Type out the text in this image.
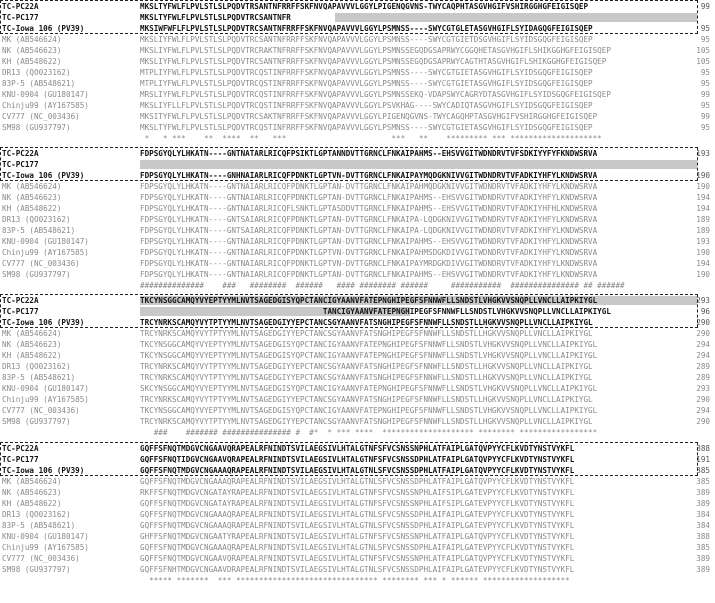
TC-PC22A	MKSLTYFWLFLPVLSTLSLPQDVTRSANTNFRRFFSKFNVQAPAVVVLGGYLPIGENQGVNS-TWYCAQPHTASGVHGIFVSHIRGGHGFEIGISQEP	99
TC-PC177	MKSLTYFWLFLPVLSTLSLPQDVTRCSANTNFR
TC-Iowa 106 (PV39)	MKSIWFWFLFLPVLSTLSLPQDVTRCSANTNFRRFFSKFNVQAPAVVVLGGYLPSMNSS----SWYCGTGLETASGVHGIFLSYIDAGQGFEIGISQEP	95
MK (AB546624)	MKSLIYFWLFLPVLSTLSLPQDVTRCSANTNFRRFFSKFNVQAPAVVVLGGYLPSMNSS----SWYCGTGIETDSGVHGIFLSYIDSGQGFEIGISQEP	95
NK (AB546623)	MKSLIYFWLFLPVLSTLSLPQDVTRCRAKTNFRRFFSKFNVQAPAVVVLGGYLPSMNSSEGQDGSAPRWYCGGQHETASGVHGIFLSHIKGGHGFEIGISQEP	105
KH (AB548622)	MKSLIYFWLFLPVLSTLSLPQDVTRCSANTNFRRFFSKFNVQAPAVVVLGGYLPSMNSSEGQDGSAPRWYCAGTHTASGVHGIFLSHIKGGHGFEIGISQEP	105
DR13 (QO023162)	MTPLIYFWLFLPVLSTLSLPQDVTRCQSTINFRRFFSKFNVQAPAVVVLGGYLPSMNSS----SWYCGTGIETASGVHGIFLSYIDSGQGFEIGISQEP	95
83P-5 (AB548621)	MTPLIYFWLFLPVLSTLSLPQDVTRCQSTINFRRFFSKFNVQAPAVVVLGGYLPSMNSS----SWYCGTGIETASGVHGIFLSYIDSGQGFEIGISQEP	95
KNU-0904 (GU180147)	MRSLIYFWLFLPVLSTLSLPQDVTRCQSTINFRRFFSKFNVQAPAVVVLGGYLPSMNSSEKQ-VDAPSWYCAGRYDTASGVHGIFLSYIDSGQGFEIGISQEP	99
Chinju99 (AY167585)	MKSLIYFLLFLPVLSTLSLPQDVTRCQSTINFRRFFSKFNVQAPAVVVLGGYLPSVKHAG----SWYCADIQTASGVHGIFLSYIDSGQGFEIGISQEP	95
CV777 (NC_003436)	MKSITYFWLFLPVLSTLSLPQDVTRCSAKTNFRRFFSKFNVQAPAVVVLGGYLPIGENQGVNS-TWYCAGQHPTASGVHGIFVSHIRGGHGFEIGISQEP	99
SM98 (GU937797)	MKSLTYFWLFLPVLSTLSLPQDVTRCQSTINFRRFFSKFNVQAPAVVVLGGYLPSMNSS----SWYCGTGIETASGVHGIFLSYIDSGQGFEIGISQEP	95
*   * ***    **  ****  **   ***                       ***   **    ********* *** ********************
TC-PC22A	FDPSGYQLYLHKATN----GNTNATARLRICQFPSIKTLGPTANNDVTTGRNCLFNKAIPAHMS--EHSVVGITWDNDRVTVFSDKIYYFYFKNDWSRVA	193
TC-PC177
TC-Iowa 106 (PV39)	FDPSGYQLYLHKATN----GNHNAIARLRICQFPDNKTLGPTVN-DVTTGRNCLFNKAIPAYMQDGKNIVVGITWDNDRVTVFADKIYHFYLKNDWSRVA	190
MK (AB546624)	FDPSGYQLYLHKATN----GNTNAIARLRICQFPDNKTLGPTAN-DVTTGRNCLFNKAIPAHMQDGKNIVVGITWDNDRVTVFADKIYHFYLKNDWSRVA	190
NK (AB546623)	FDPSGYQLYLHKATN----GNTNAIARLRICQFPDNKTLGPTAN-DVTTGRNCLFNKAIPAHMS--EHSVVGITWDNDRVTVFADKIYHFYLKNDWSRVA	194
KH (AB548622)	FDPSGYQLYLHKATN----GNTNAIARLRICQFLSNKTLGPTASDDVTTGRNCLFNKAIPAHMS--EHSVVGITWDNDRVTVFADKIYHFHLKNDWSRVA	194
DR13 (QO023162)	FDPSGYQLYLHKATN----GNTSAIARLRICQFPDNKTLGPTAN-DVTTGRNCLFNKAIPA-LQDGKNIVVGITWDNDRVTVFADKIYHFYLKNDWSRVA	189
83P-5 (AB548621)	FDPSGYQLYLHKATN----GNTSAIARLRICQFPDNKTLGPTAN-DVTTGRNCLFNKAIPA-LQDGKNIVVGITWDNDRVTVFADKIYHFYLKNDWSRVA	189
KNU-0904 (GU180147)	FDPSGYQLYLHKATN----GNTNAIARLRICQFPDNKTLGPTAN-DVTTGRNCLFNKAIPAHMS--EHSVVGITWDNDRVTVFADKIYHFYLKNDWSRVA	193
Chinju99 (AY167585)	FDPSGYQLYLHKATN----GNTNAIARLRICQFPDNKTLGPTVN-DVTTGRNCLFNKAIPAHMSDGKDIVVGITWDNDRVTVFADKIYHFYLKNDWSRVA	190
CV777 (NC_003436)	FDPSGYQLYLHKATN----GNTNAIARLRICQFPDNKTLGPTVN-DVTTGRNCLFNKAIPAYMRDGKDIVVGITWDNDRVTVFADKIYHFYLKNDWSRVA	194
SM98 (GU937797)	FDPSGYQLYLHKATN----GNTNAIARLRICQFPDNKTLGPTAN-DVTTGRNCLFNKAIPAHMS--EHSVVGITWDNDRVTVFADKIYHFYLKNDWSRVA	190
##############    ###   ########  ######   #### ######## ######     ###########  ############### ## ######
TC-PC22A	TKCYNSGGCAMQYVYEPTYYMLNVTSAGEDGISYQPCTANCIGYAANVFATEPNGHIPEGFSFNNWFLLSNDSTLVHGKVVSNQPLLVNCLLAIPKIYGL	293
TC-PC177	TANCIGYAANVFATEPNGHIPEGFSFNNWFLLSNDSTLVHGKVVSNQPLLVNCLLAIPKIYGL	96
TC-Iowa 106 (PV39)	TRCYNRKSCAMQYVYTPTYYMLNVTSAGEDGIYYEPCTANCSGYAANVFATSNGHIPEGFSFNNWFLLSNDSTLLHGKVVSNQPLLVNCLLAIPKIYGL	290
MK (AB546624)	TRCYNRKSCAMQYVYTPTYYMLNVTSAGEDGIYYEPCTANCSGYAANVFATSNGHIPEGFSFNNWFLLSNDSTLLHGKVVSNQPLLVNCLLAIPKIYGL	290
NK (AB546623)	TKCYNSGGCAMQYVYEPTYYMLNVTSAGEDGISYQPCTANCIGYAANVFATEPNGHIPEGFSFNNWFLLSNDSTLVHGKVVSNQPLLVNCLLAIPKIYGL	294
KH (AB548622)	TKCYNSGGCAMQYVYEPTYYMLNVTSAGEDGISYQPCTANCIGYAANVFATEPNGHIPEGFSFNNWFLLSNDSTLVHGKVVSNQPLLVNCLLAIPKIYGL	294
DR13 (QO023162)	TRCYNRKSCAMQYVYTPTYYMLNVTSAGEDGIYYEPCTANCSGYAANVFATSNGHIPEGFSFNNWFLLSNDSTLLHGKVVSNQPLLVNCLLAIPKIYGL	289
83P-5 (AB548621)	TRCYNRKSCAMQYVYTPTYYMLNVTSAGEDGIYYEPCTANCSGYAANVFATSNGHIPEGFSFNNWFLLSNDSTLLHGKVVSNQPLLVNCLLAIPKIYGL	289
KNU-0904 (GU180147)	SKCYNSGGCAMQYVYEPTYYMLNVTSAGEDGISYQPCTANCIGYAANVFATEPNGHIPEGFSFNNWFLLSNDSTLVHGKVVSNQPLLVNCLLAIPKIYGL	293
Chinju99 (AY167585)	TRCYNRKSCAMQYVYTPTYYMLNVTSAGEDGIYYEPCTANCSGYAANVFATSNGHIPEGFSFNNWFLLSNDSTLLHGKVVSNQPLLVNCLLAIPKIYGL	290
CV777 (NC_003436)	TKCYNSGGCAMQYVYEPTYYMLNVTSAGEDGISYQPCTANCIGYAANVFATEPNGHIPEGFSFNNWFLLSNDSTLVHGKVVSNQPLLVNCLLAIPKIYGL	294
SM98 (GU937797)	TRCYNRKSCAMQYVYTPTYYMLNVTSAGEDGIYYEPCTANCSGYAANVFATSNGHIPEGFSFNNWFLLSNDSTLLHGKVVSNQPLLVNCLLAIPKIYGL	290
###    ####### ############### #  #*  * *** ****  ******************** ******** *****************
TC-PC22A	GQFFSFNQTMDGVCNGAAVQRAPEALRFNINDTSVILAEGSIVLHTALGTNFSFVCSNSSNPHLATFAIPLGATQVPYYCFLKVDTYNSTVYKFL	388
TC-PC177	GQFFSFNQTIDGVCNGAAVQRAPEALRFNINDTSVILAEGSIVLHTALGTNFSFVCSNSSDPHLATFAIPLGATQVPYYCFLKVDTYNSTVYKFL	191
TC-Iowa 106 (PV39)	GQFFSFNQTMDGVCNGAAAQRAPEALRFNINDTSVILAEGSIVLHTALGTNLSFVCSNSSDPHLATFAIPLGATQVPYYCFLKVDTYNSTVYKFL	385
MK (AB546624)	GQFFSFNQTMDGVCNGAAAQRAPEALRFNINDTSVILAEGSIVLHTALGTNLSFVCSNSSDPHLATFAIPLGATQVPYYCFLKVDTYNSTVYKFL	385
NK (AB546623)	RKFFSFNQTMDGVCNGATAYRAPEALRFNINDTSVILAEGSIVLHTALGTNFSFVCSNSSNPHLAIFSIPLGATEVPYYCFLKVDTYNSTVYKFL	389
KH (AB548622)	GQFFSFNQTMDGVCNGATAYRAPEALRFNINDTSVILAEGSIVLHTALGTNFSFVCSNSSNPHLAIFSIPLGATEVPYYCFLKVDTYNSTVYKFL	389
DR13 (QO023162)	GQFFSFNQTMDGVCNGAAAQRAPEALRFNINDTSVILAEGSIVLHTALGTNLSFVCSNSSDPHLAIFAIPLGATEVPYYCFLKVDTYNSTVYKFL	384
83P-5 (AB548621)	GQFFSFNQTMDGVCNGAAAQRAPEALRFNINDTSVILAEGSIVLHTALGTNLSFVCSNSSDPHLAIFAIPLGATEVPYYCFLKVDTYNSTVYKFL	384
KNU-0904 (GU180147)	GHFFSFNQTMDGVCNGAATYRAPEALRFNINDTSVILAEGSIVLHTALGTNFSFVCSNSSNPHLATFAIPLGATQVPYYCFLKVDTYNSTVYKFL	388
Chinju99 (AY167585)	GQFFSFNQTMDGVCNGAAAQRAPEALRFNINDTSVILAEGSIVLHTALGTNLSFVCSNSSDPHLAIFAIPLGATEVPYYCFLKVDTYNSTVYKFL	385
CV777 (NC_003436)	GQFFSFNQTMDGVCNGAAVQRAPEALRFNINDTSVILAEGSIVLHTALGTNFSFVCSNSSNPHLATFAIPLGATQVPYYCFLKVDTYNSTVYKFL	389
SM98 (GU937797)	GQFFSFNHTMDGVCNGAAVDRAPEALRFNINDTSVILAEGSIVLHTALGTNLSFVCSNSSDPHLAIFAIPLGATEVPYYCFLKVDTYNSTVYKFL	389
***** *******  *** ******************************* ******** *** * ****** *******************
